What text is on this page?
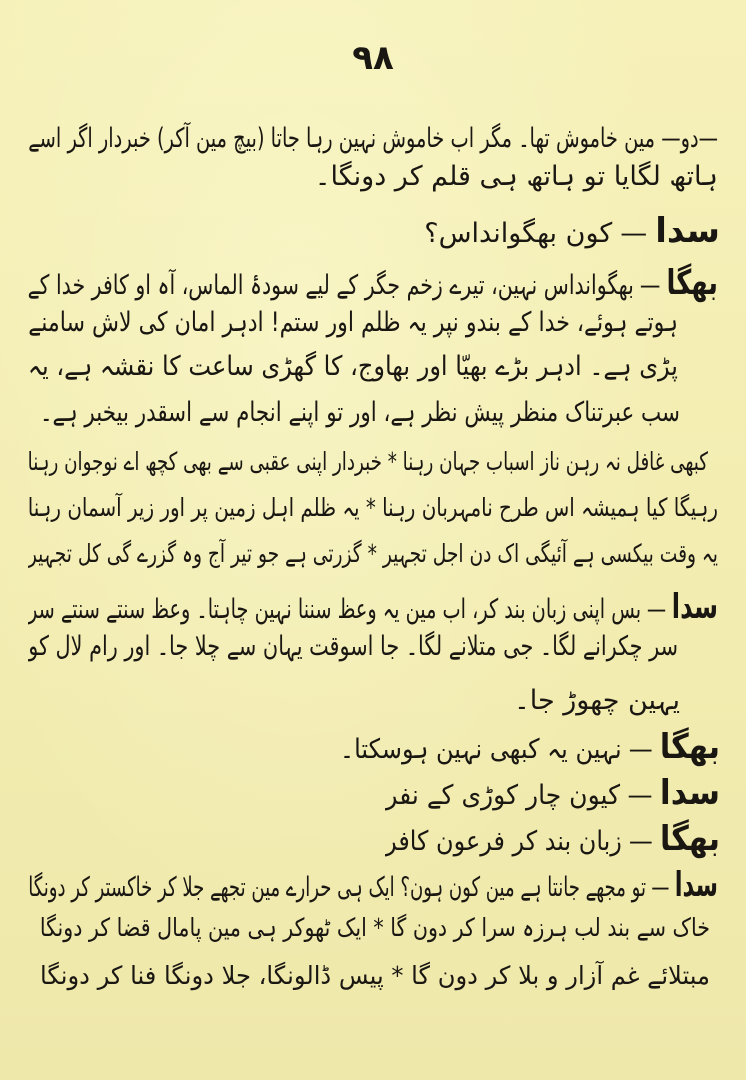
۹۸
—دو— مین خاموش تھا۔ مگر اب خاموش نہین رہا جاتا (بیچ مین آکر) خبردار اگر اسے
ہاتھ لگایا تو ہاتھ ہی قلم کر دونگا۔
سدا—کون بھگوانداس؟
بھگا—بھگوانداس نہین، تیرے زخم جگر کے لیے سودۂ الماس، آہ او کافر خدا کے
ہوتے ہوئے، خدا کے بندو نپر یہ ظلم اور ستم! ادہر امان کی لاش سامنے
پڑی ہے۔ ادہر بڑے بھیّا اور بھاوج، کا گھڑی ساعت کا نقشہ ہے، یہ
سب عبرتناک منظر پیش نظر ہے، اور تو اپنے انجام سے اسقدر بیخبر ہے۔
کبھی غافل نہ رہن ناز اسباب جہان رہنا * خبردار اپنی عقبی سے بھی کچھ اے نوجوان رہنا
رہیگا کیا ہمیشہ اس طرح نامہربان رہنا * یہ ظلم اہل زمین پر اور زیر آسمان رہنا
یہ وقت بیکسی ہے آئیگی اک دن اجل تجہیر * گزرتی ہے جو تیر آج وہ گزرے گی کل تجہیر
سدا—بس اپنی زبان بند کر، اب مین یہ وعظ سننا نہین چاہتا۔ وعظ سنتے سنتے سر
سر چکرانے لگا۔ جی متلانے لگا۔ جا اسوقت یہان سے چلا جا۔ اور رام لال کو
یہین چھوڑ جا۔
بھگا—نہین یہ کبھی نہین ہوسکتا۔
سدا—کیون چار کوڑی کے نفر
بھگا—زبان بند کر فرعون کافر
سدا—تو مجھے جانتا ہے مین کون ہون؟ ایک ہی حرارے مین تجھے جلا کر خاکستر کر دونگا
خاک سے بند لب ہرزہ سرا کر دون گا * ایک ٹھوکر ہی مین پامال قضا کر دونگا
مبتلائے غم آزار و بلا کر دون گا * پیس ڈالونگا، جلا دونگا فنا کر دونگا
